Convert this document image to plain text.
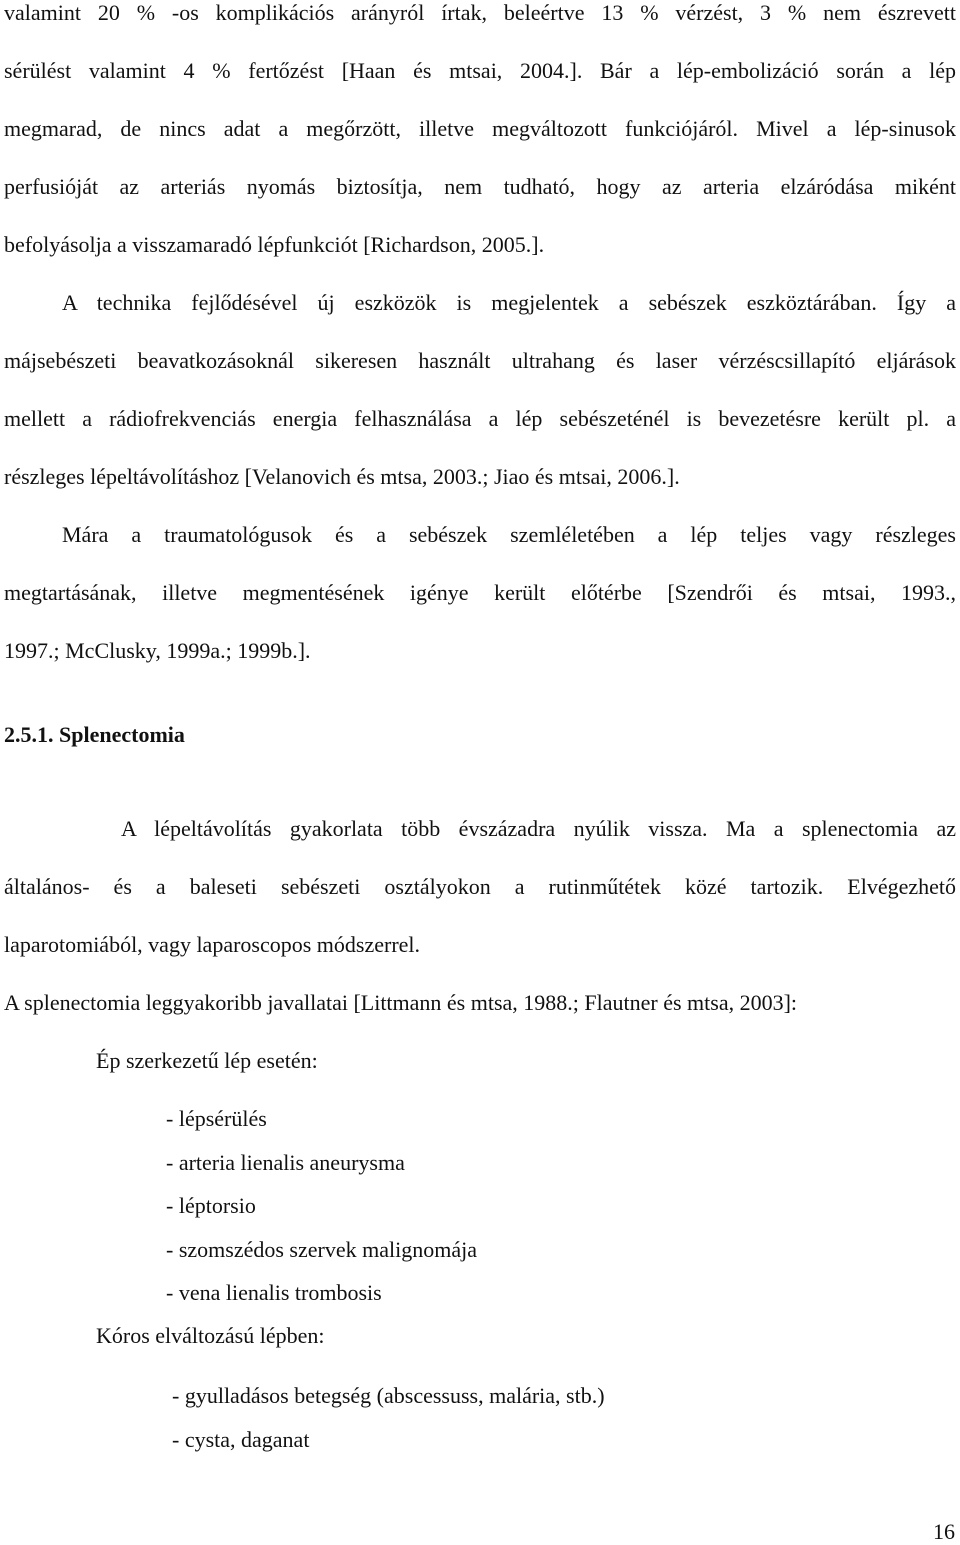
valamint 20 % -os komplikációs arányról írtak, beleértve 13 % vérzést, 3 % nem észrevett
sérülést valamint 4 % fertőzést [Haan és mtsai, 2004.]. Bár a lép-embolizáció során a lép
megmarad, de nincs adat a megőrzött, illetve megváltozott funkciójáról. Mivel a lép-sinusok
perfusióját az arteriás nyomás biztosítja, nem tudható, hogy az arteria elzáródása miként
befolyásolja a visszamaradó lépfunkciót [Richardson, 2005.].
A technika fejlődésével új eszközök is megjelentek a sebészek eszköztárában. Így a
májsebészeti beavatkozásoknál sikeresen használt ultrahang és laser vérzéscsillapító eljárások
mellett a rádiofrekvenciás energia felhasználása a lép sebészeténél is bevezetésre került pl. a
részleges lépeltávolításhoz [Velanovich és mtsa, 2003.; Jiao és mtsai, 2006.].
Mára a traumatológusok és a sebészek szemléletében a lép teljes vagy részleges
megtartásának, illetve megmentésének igénye került előtérbe [Szendrői és mtsai, 1993.,
1997.; McClusky, 1999a.; 1999b.].
2.5.1. Splenectomia
A lépeltávolítás gyakorlata több évszázadra nyúlik vissza. Ma a splenectomia az
általános- és a baleseti sebészeti osztályokon a rutinműtétek közé tartozik. Elvégezhető
laparotomiából, vagy laparoscopos módszerrel.
A splenectomia leggyakoribb javallatai [Littmann és mtsa, 1988.; Flautner és mtsa, 2003]:
Ép szerkezetű lép esetén:
- lépsérülés
- arteria lienalis aneurysma
- léptorsio
- szomszédos szervek malignomája
- vena lienalis trombosis
Kóros elváltozású lépben:
- gyulladásos betegség (abscessuss, malária, stb.)
- cysta, daganat
16
